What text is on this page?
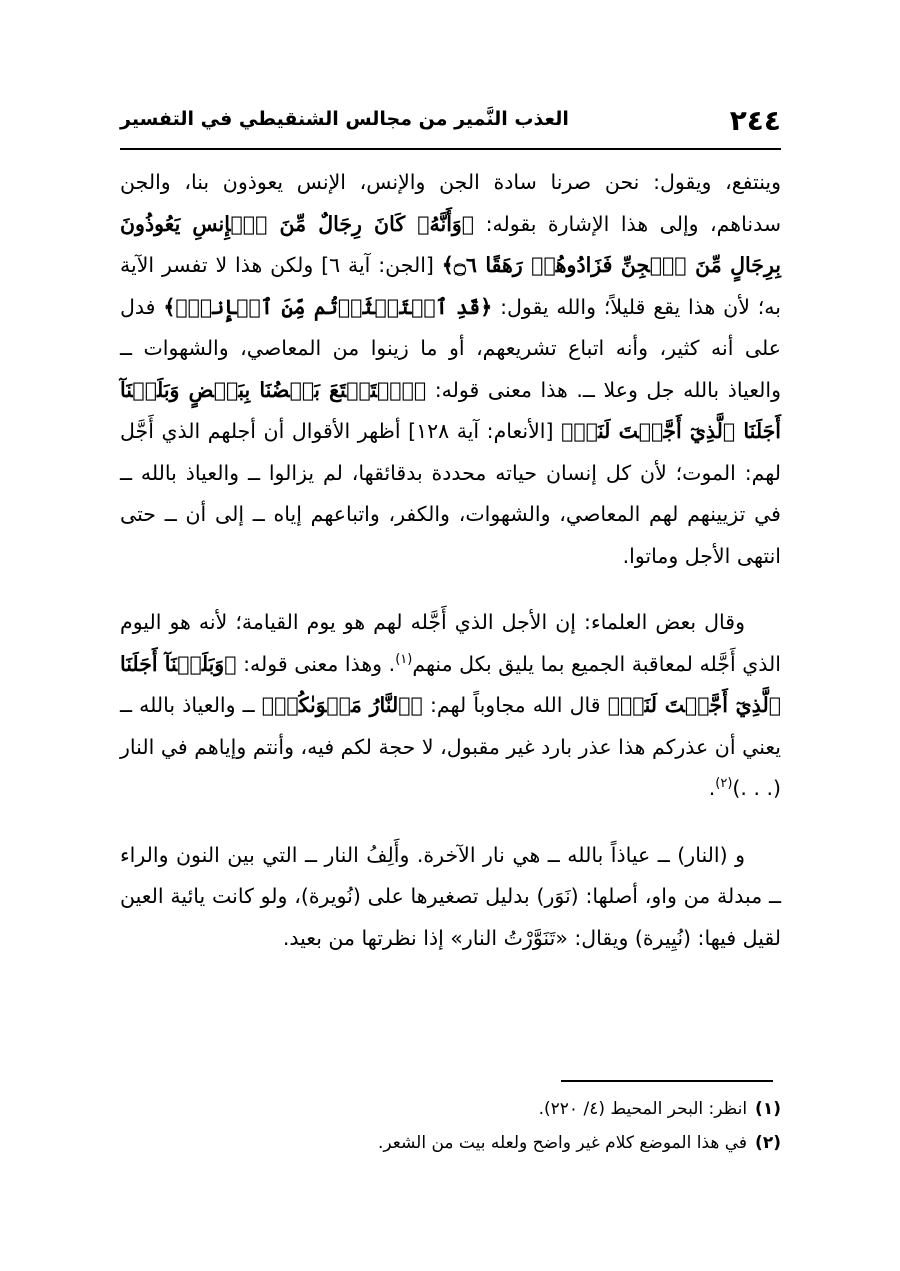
٢٤٤
العذب النَّمير من مجالس الشنقيطي في التفسير

وينتفع، ويقول: نحن صرنا سادة الجن والإنس، الإنس يعوذون بنا، والجن سدناهم، وإلى هذا الإشارة بقوله: ﴿وَأَنَّهُۥ كَانَ رِجَالٌ مِّنَ ٱلۡإِنسِ يَعُوذُونَ بِرِجَالٍ مِّنَ ٱلۡجِنِّ فَزَادُوهُمۡ رَهَقًا ۝٦﴾ [الجن: آية ٦] ولكن هذا لا تفسر الآية به؛ لأن هذا يقع قليلاً؛ والله يقول: ﴿قَدِ ٱسۡتَكۡثَرۡتُم مِّنَ ٱلۡإِنسِۖ﴾ فدل على أنه كثير، وأنه اتباع تشريعهم، أو ما زينوا من المعاصي، والشهوات ــ والعياذ بالله جل وعلا ــ. هذا معنى قوله: ﴿ٱسۡتَمۡتَعَ بَعۡضُنَا بِبَعۡضٍ وَبَلَغۡنَآ أَجَلَنَا ٱلَّذِيٓ أَجَّلۡتَ لَنَاۚ﴾ [الأنعام: آية ١٢٨] أظهر الأقوال أن أجلهم الذي أَجَّل لهم: الموت؛ لأن كل إنسان حياته محددة بدقائقها، لم يزالوا ــ والعياذ بالله ــ في تزيينهم لهم المعاصي، والشهوات، والكفر، واتباعهم إياه ــ إلى أن ــ حتى انتهى الأجل وماتوا.

وقال بعض العلماء: إن الأجل الذي أَجَّله لهم هو يوم القيامة؛ لأنه هو اليوم الذي أَجَّله لمعاقبة الجميع بما يليق بكل منهم$^{(١)}$. وهذا معنى قوله: ﴿وَبَلَغۡنَآ أَجَلَنَا ٱلَّذِيٓ أَجَّلۡتَ لَنَاۚ﴾ قال الله مجاوباً لهم: ﴿ٱلنَّارُ مَثۡوَىٰكُمۡ﴾ ــ والعياذ بالله ــ يعني أن عذركم هذا عذر بارد غير مقبول، لا حجة لكم فيه، وأنتم وإياهم في النار (. . .)$^{(٢)}$.

و (النار) ــ عياذاً بالله ــ هي نار الآخرة. وأَلِفُ النار ــ التي بين النون والراء ــ مبدلة من واو، أصلها: (نَوَر) بدليل تصغيرها على (نُويرة)، ولو كانت يائية العين لقيل فيها: (نُيِيرة) ويقال: «تَنَوَّرْتُ النار» إذا نظرتها من بعيد.

(١)انظر: البحر المحيط (٤/ ٢٢٠).

(٢)في هذا الموضع كلام غير واضح ولعله بيت من الشعر.
